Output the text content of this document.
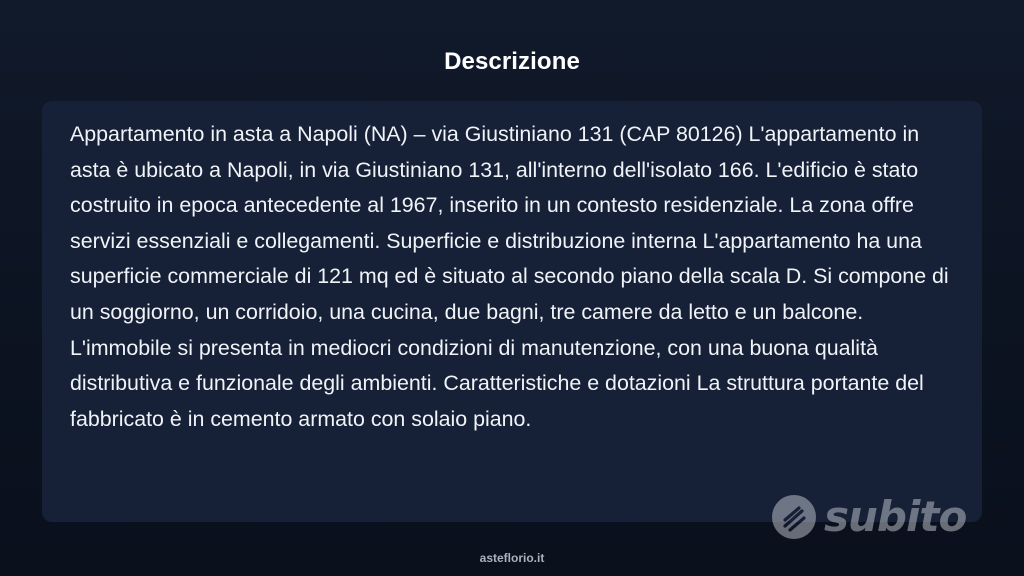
Descrizione

Appartamento in asta a Napoli (NA) – via Giustiniano 131 (CAP 80126) L'appartamento in asta è ubicato a Napoli, in via Giustiniano 131, all'interno dell'isolato 166. L'edificio è stato costruito in epoca antecedente al 1967, inserito in un contesto residenziale. La zona offre servizi essenziali e collegamenti. Superficie e distribuzione interna L'appartamento ha una superficie commerciale di 121 mq ed è situato al secondo piano della scala D. Si compone di un soggiorno, un corridoio, una cucina, due bagni, tre camere da letto e un balcone. L'immobile si presenta in mediocri condizioni di manutenzione, con una buona qualità distributiva e funzionale degli ambienti. Caratteristiche e dotazioni La struttura portante del fabbricato è in cemento armato con solaio piano.

subito
asteflorio.it
